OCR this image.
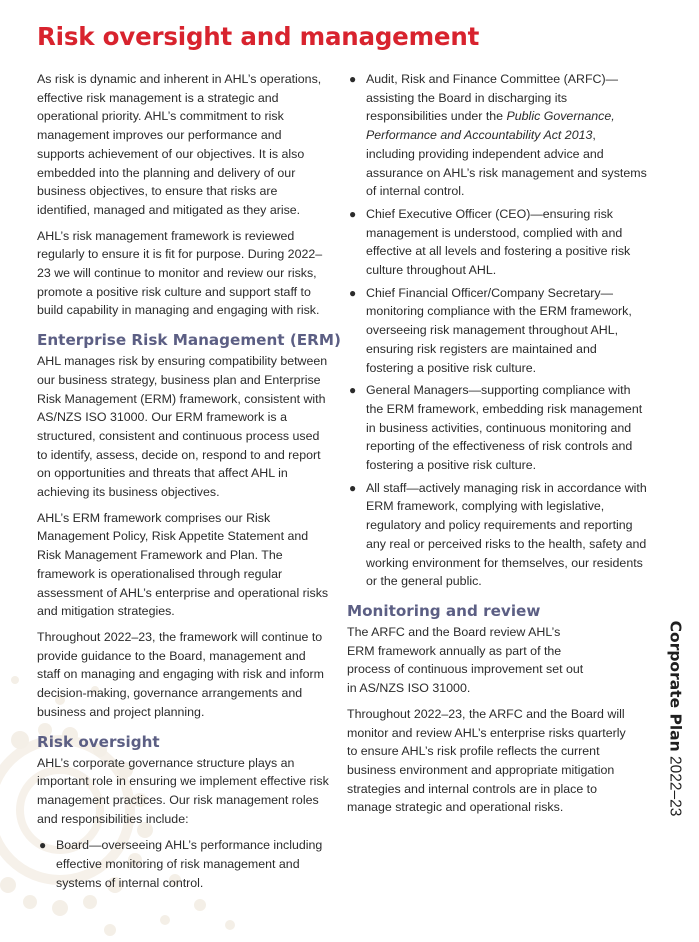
Risk oversight and management

As risk is dynamic and inherent in AHL’s operations, effective risk management is a strategic and operational priority. AHL’s commitment to risk management improves our performance and supports achievement of our objectives. It is also embedded into the planning and delivery of our business objectives, to ensure that risks are identified, managed and mitigated as they arise.

AHL’s risk management framework is reviewed regularly to ensure it is fit for purpose. During 2022–23 we will continue to monitor and review our risks, promote a positive risk culture and support staff to build capability in managing and engaging with risk.

Enterprise Risk Management (ERM)

AHL manages risk by ensuring compatibility between our business strategy, business plan and Enterprise Risk Management (ERM) framework, consistent with AS/NZS ISO 31000. Our ERM framework is a structured, consistent and continuous process used to identify, assess, decide on, respond to and report on opportunities and threats that affect AHL in achieving its business objectives.

AHL’s ERM framework comprises our Risk Management Policy, Risk Appetite Statement and Risk Management Framework and Plan. The framework is operationalised through regular assessment of AHL’s enterprise and operational risks and mitigation strategies.

Throughout 2022–23, the framework will continue to provide guidance to the Board, management and staff on managing and engaging with risk and inform decision-making, governance arrangements and business and project planning.

Risk oversight

AHL’s corporate governance structure plays an important role in ensuring we implement effective risk management practices. Our risk management roles and responsibilities include:

● Board—overseeing AHL’s performance including effective monitoring of risk management and systems of internal control.
● Audit, Risk and Finance Committee (ARFC)—assisting the Board in discharging its responsibilities under the Public Governance, Performance and Accountability Act 2013, including providing independent advice and assurance on AHL’s risk management and systems of internal control.
● Chief Executive Officer (CEO)—ensuring risk management is understood, complied with and effective at all levels and fostering a positive risk culture throughout AHL.
● Chief Financial Officer/Company Secretary—monitoring compliance with the ERM framework, overseeing risk management throughout AHL, ensuring risk registers are maintained and fostering a positive risk culture.
● General Managers—supporting compliance with the ERM framework, embedding risk management in business activities, continuous monitoring and reporting of the effectiveness of risk controls and fostering a positive risk culture.
● All staff—actively managing risk in accordance with ERM framework, complying with legislative, regulatory and policy requirements and reporting any real or perceived risks to the health, safety and working environment for themselves, our residents or the general public.
Monitoring and review

The ARFC and the Board review AHL’s ERM framework annually as part of the process of continuous improvement set out in AS/NZS ISO 31000.

Throughout 2022–23, the ARFC and the Board will monitor and review AHL’s enterprise risks quarterly to ensure AHL’s risk profile reflects the current business environment and appropriate mitigation strategies and internal controls are in place to manage strategic and operational risks.

Corporate Plan 2022–23
